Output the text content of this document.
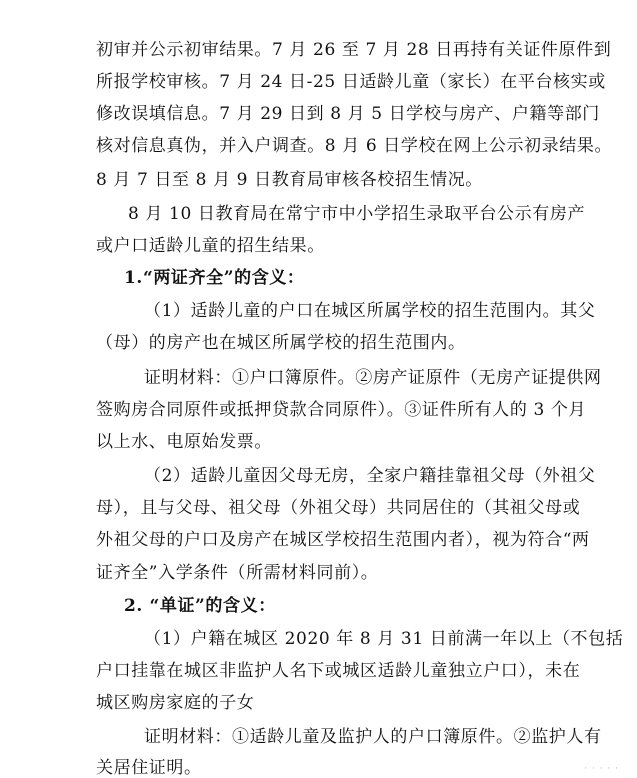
初审并公示初审结果。7 月 26 至 7 月 28 日再持有关证件原件到
所报学校审核。7 月 24 日-25 日适龄儿童（家长）在平台核实或
修改误填信息。7 月 29 日到 8 月 5 日学校与房产、户籍等部门
核对信息真伪，并入户调查。8 月 6 日学校在网上公示初录结果。
8 月 7 日至 8 月 9 日教育局审核各校招生情况。
8 月 10 日教育局在常宁市中小学招生录取平台公示有房产
或户口适龄儿童的招生结果。
1.“两证齐全”的含义：
（1）适龄儿童的户口在城区所属学校的招生范围内。其父
（母）的房产也在城区所属学校的招生范围内。
证明材料：①户口簿原件。②房产证原件（无房产证提供网
签购房合同原件或抵押贷款合同原件）。③证件所有人的 3 个月
以上水、电原始发票。
（2）适龄儿童因父母无房，全家户籍挂靠祖父母（外祖父
母），且与父母、祖父母（外祖父母）共同居住的（其祖父母或
外祖父母的户口及房产在城区学校招生范围内者），视为符合“两
证齐全”入学条件（所需材料同前）。
2. “单证”的含义：
（1）户籍在城区 2020 年 8 月 31 日前满一年以上（不包括
户口挂靠在城区非监护人名下或城区适龄儿童独立户口），未在
城区购房家庭的子女
证明材料：①适龄儿童及监护人的户口簿原件。②监护人有
关居住证明。	· · · · ·
